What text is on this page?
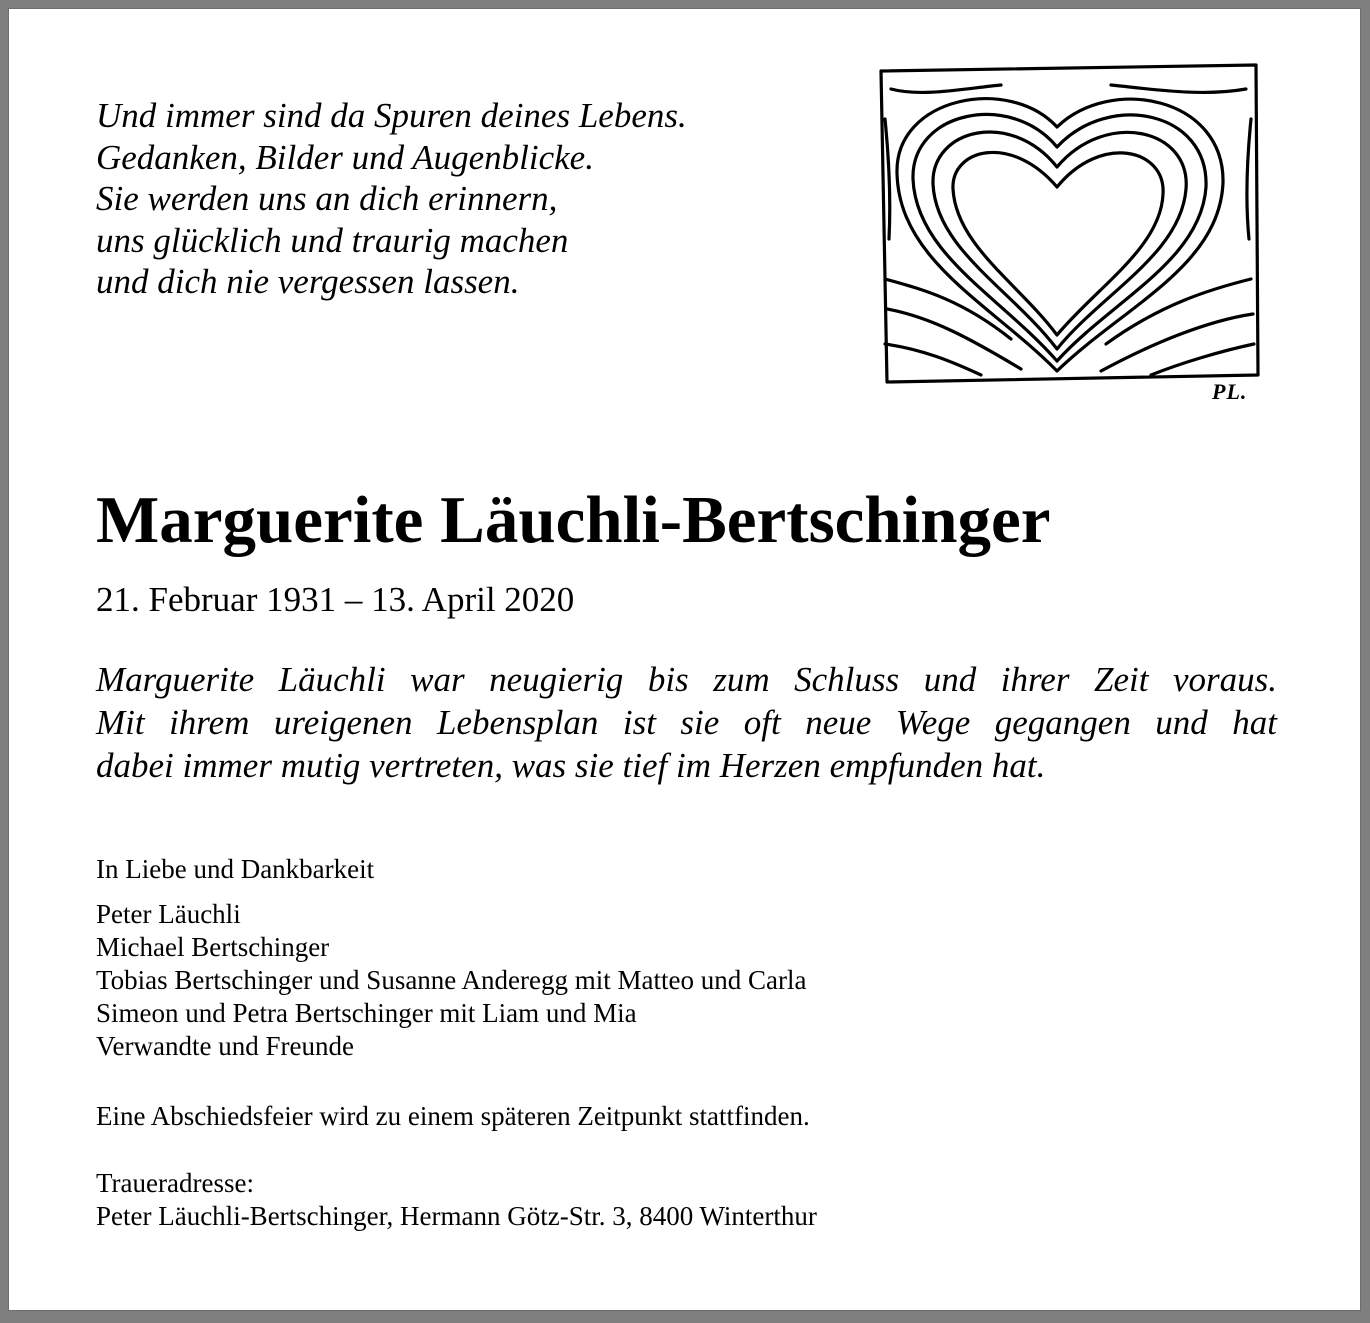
Und immer sind da Spuren deines Lebens.
Gedanken, Bilder und Augenblicke.
Sie werden uns an dich erinnern,
uns glücklich und traurig machen
und dich nie vergessen lassen.
PL.
Marguerite Läuchli-Bertschinger

21. Februar 1931 – 13. April 2020

Marguerite Läuchli war neugierig bis zum Schluss und ihrer Zeit voraus.
Mit ihrem ureigenen Lebensplan ist sie oft neue Wege gegangen und hat
dabei immer mutig vertreten, was sie tief im Herzen empfunden hat.
In Liebe und Dankbarkeit
Peter Läuchli
Michael Bertschinger
Tobias Bertschinger und Susanne Anderegg mit Matteo und Carla
Simeon und Petra Bertschinger mit Liam und Mia
Verwandte und Freunde
Eine Abschiedsfeier wird zu einem späteren Zeitpunkt stattfinden.
Traueradresse:
Peter Läuchli-Bertschinger, Hermann Götz-Str. 3, 8400 Winterthur
